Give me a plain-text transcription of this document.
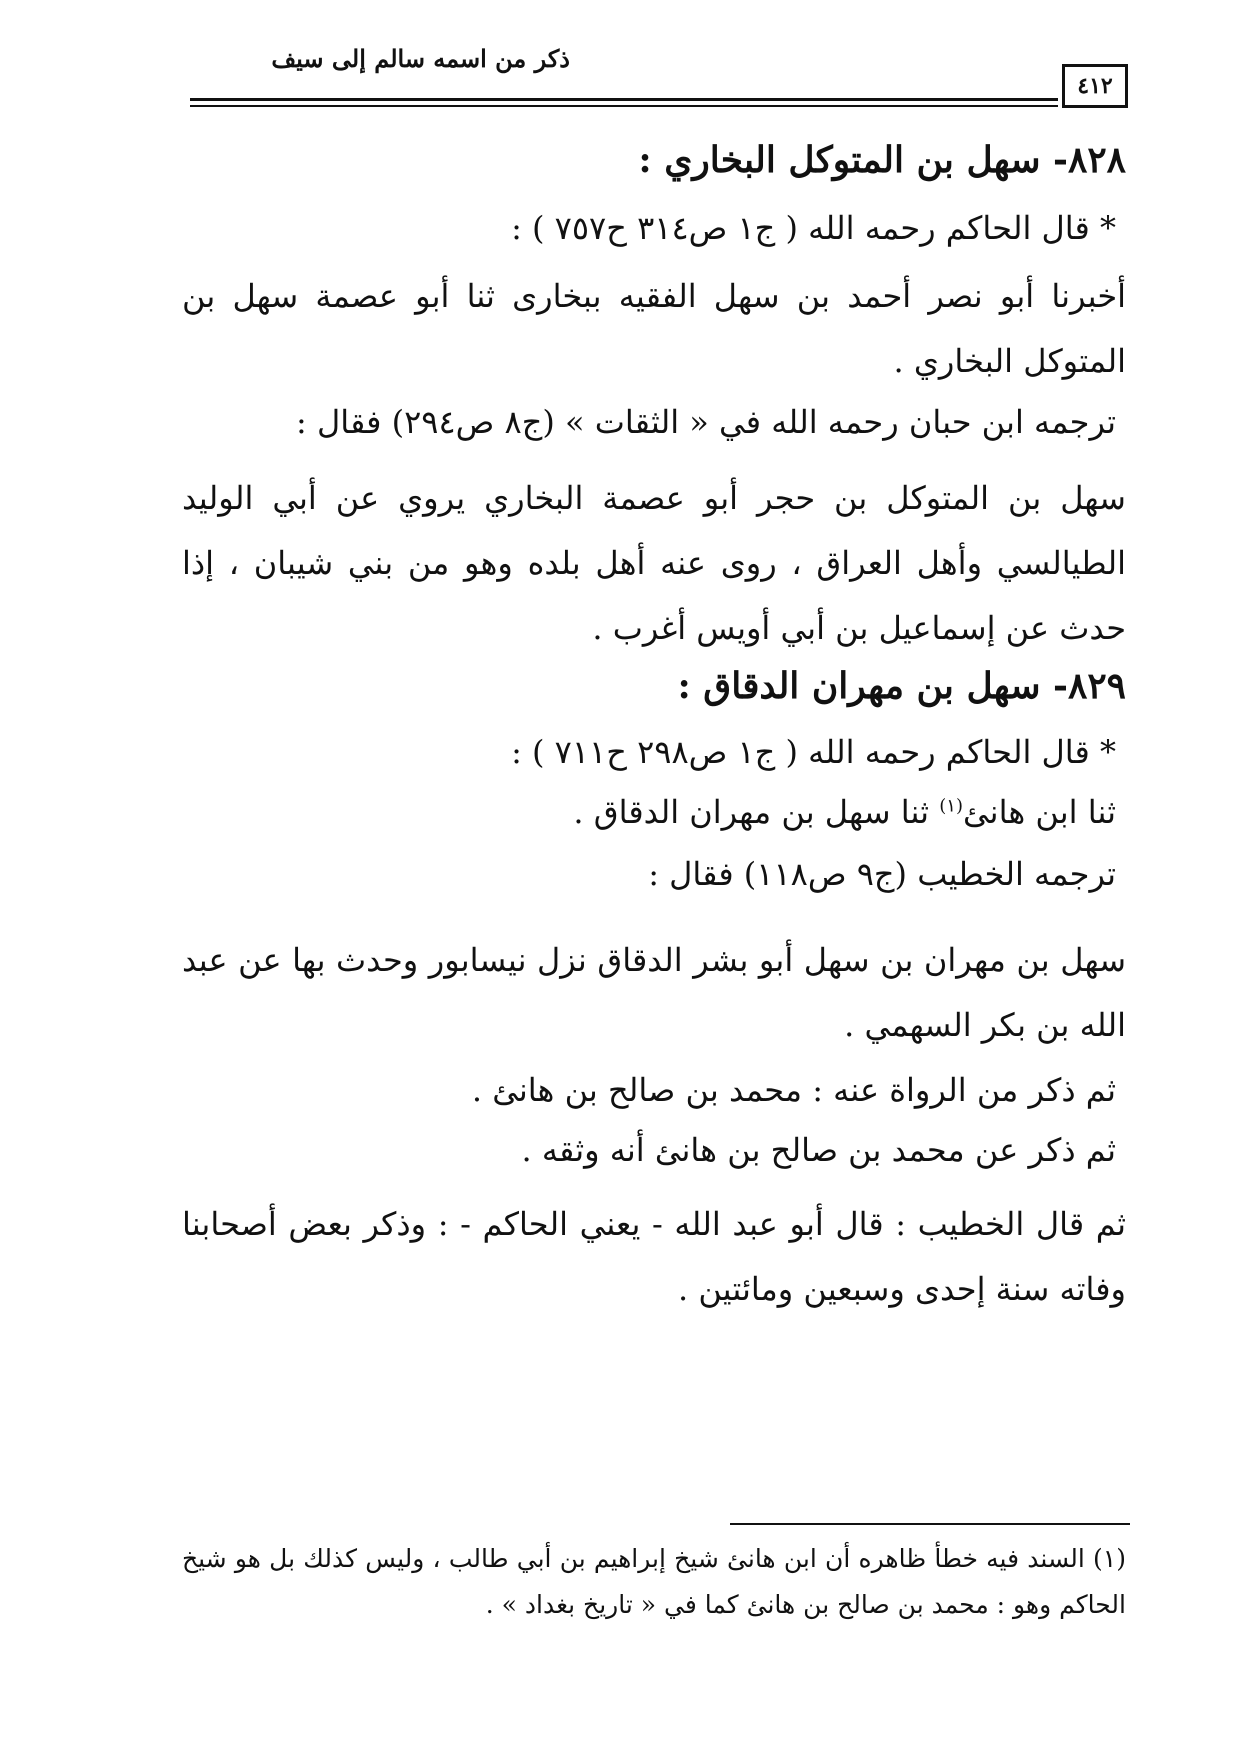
ذكر من اسمه سالم إلى سيف
٤١٢
٨٢٨- سهل بن المتوكل البخاري :
* قال الحاكم رحمه الله ( ج١ ص٣١٤ ح٧٥٧ ) :
أخبرنا أبو نصر أحمد بن سهل الفقيه ببخارى ثنا أبو عصمة سهل بن المتوكل البخاري .
ترجمه ابن حبان رحمه الله في « الثقات » (ج٨ ص٢٩٤) فقال :
سهل بن المتوكل بن حجر أبو عصمة البخاري يروي عن أبي الوليد الطيالسي وأهل العراق ، روى عنه أهل بلده وهو من بني شيبان ، إذا حدث عن إسماعيل بن أبي أويس أغرب .
٨٢٩- سهل بن مهران الدقاق :
* قال الحاكم رحمه الله ( ج١ ص٢٩٨ ح٧١١ ) :
ثنا ابن هانئ$^{(١)}$ ثنا سهل بن مهران الدقاق .
ترجمه الخطيب (ج٩ ص١١٨) فقال :
سهل بن مهران بن سهل أبو بشر الدقاق نزل نيسابور وحدث بها عن عبد الله بن بكر السهمي .
ثم ذكر من الرواة عنه : محمد بن صالح بن هانئ .
ثم ذكر عن محمد بن صالح بن هانئ أنه وثقه .
ثم قال الخطيب : قال أبو عبد الله - يعني الحاكم - : وذكر بعض أصحابنا وفاته سنة إحدى وسبعين ومائتين .
(١) السند فيه خطأ ظاهره أن ابن هانئ شيخ إبراهيم بن أبي طالب ، وليس كذلك بل هو شيخ الحاكم وهو : محمد بن صالح بن هانئ كما في « تاريخ بغداد » .
